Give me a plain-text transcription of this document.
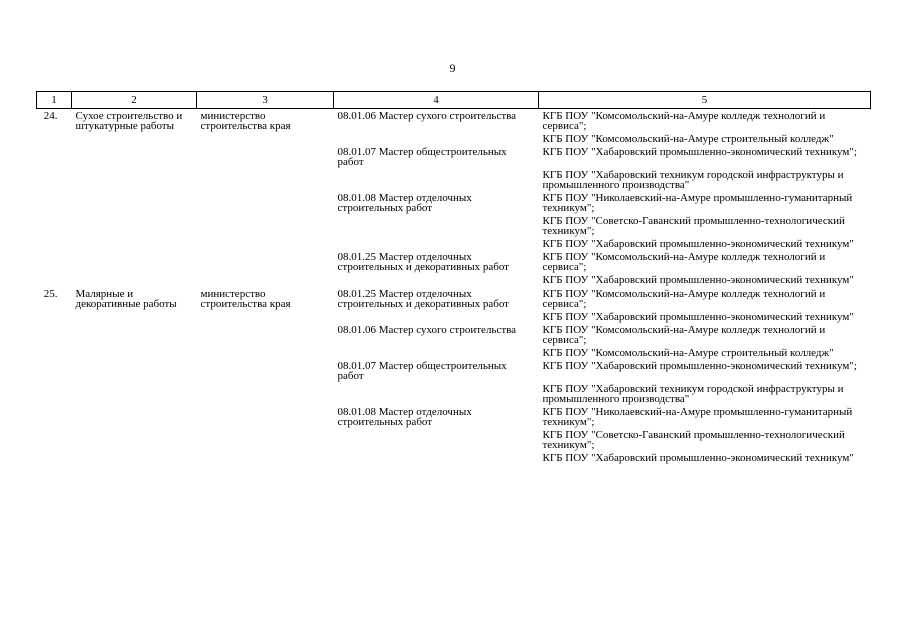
9
1	2	3	4	5
24.	Сухое строительство и штукатурные работы	министерство строительства края	08.01.06 Мастер сухого строительства	КГБ ПОУ "Комсомольский-на-Амуре колледж технологий и сервиса";
				КГБ ПОУ "Комсомольский-на-Амуре строительный колледж"
			08.01.07 Мастер общестроительных работ	КГБ ПОУ "Хабаровский промышленно-экономический техникум";
				КГБ ПОУ "Хабаровский техникум городской инфраструктуры и промышленного производства"
			08.01.08 Мастер отделочных строительных работ	КГБ ПОУ "Николаевский-на-Амуре промышленно-гуманитарный техникум";
				КГБ ПОУ "Советско-Гаванский промышленно-технологический техникум";
				КГБ ПОУ "Хабаровский промышленно-экономический техникум"
			08.01.25 Мастер отделочных строительных и декоративных работ	КГБ ПОУ "Комсомольский-на-Амуре колледж технологий и сервиса";
				КГБ ПОУ "Хабаровский промышленно-экономический техникум"
25.	Малярные и декоративные работы	министерство строительства края	08.01.25 Мастер отделочных строительных и декоративных работ	КГБ ПОУ "Комсомольский-на-Амуре колледж технологий и сервиса";
				КГБ ПОУ "Хабаровский промышленно-экономический техникум"
			08.01.06 Мастер сухого строительства	КГБ ПОУ "Комсомольский-на-Амуре колледж технологий и сервиса";
				КГБ ПОУ "Комсомольский-на-Амуре строительный колледж"
			08.01.07 Мастер общестроительных работ	КГБ ПОУ "Хабаровский промышленно-экономический техникум";
				КГБ ПОУ "Хабаровский техникум городской инфраструктуры и промышленного производства"
			08.01.08 Мастер отделочных строительных работ	КГБ ПОУ "Николаевский-на-Амуре промышленно-гуманитарный техникум";
				КГБ ПОУ "Советско-Гаванский промышленно-технологический техникум";
				КГБ ПОУ "Хабаровский промышленно-экономический техникум"
